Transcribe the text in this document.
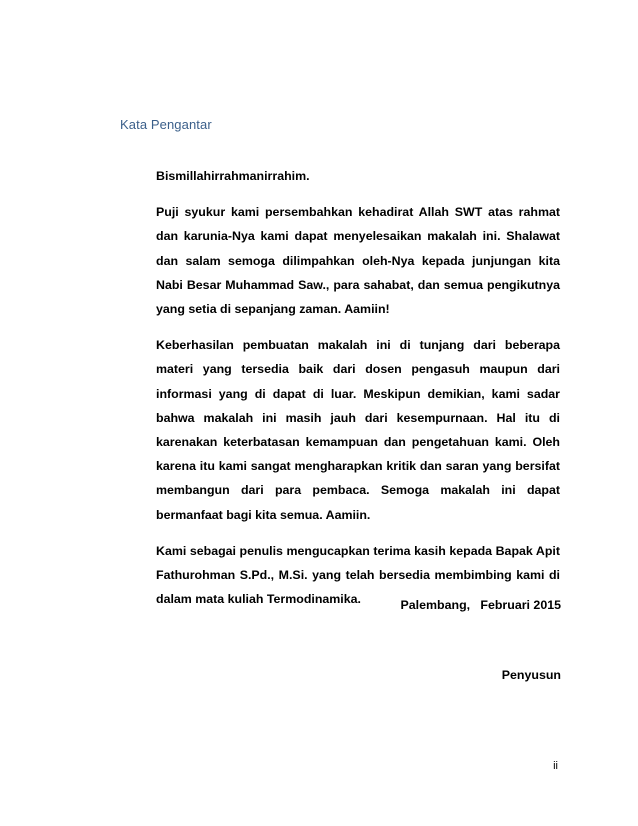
Kata Pengantar

Bismillahirrahmanirrahim.

Puji syukur kami persembahkan kehadirat Allah SWT atas rahmat dan karunia-Nya kami dapat menyelesaikan makalah ini. Shalawat dan salam semoga dilimpahkan oleh-Nya kepada junjungan kita Nabi Besar Muhammad Saw., para sahabat, dan semua pengikutnya yang setia di sepanjang zaman. Aamiin!

Keberhasilan pembuatan makalah ini di tunjang dari beberapa materi yang tersedia baik dari dosen pengasuh maupun dari informasi yang di dapat di luar. Meskipun demikian, kami sadar bahwa makalah ini masih jauh dari kesempurnaan. Hal itu di karenakan keterbatasan kemampuan dan pengetahuan kami. Oleh karena itu kami sangat mengharapkan kritik dan saran yang bersifat membangun dari para pembaca. Semoga makalah ini dapat bermanfaat bagi kita semua. Aamiin.

Kami sebagai penulis mengucapkan terima kasih kepada Bapak Apit Fathurohman S.Pd., M.Si. yang telah bersedia membimbing kami di dalam mata kuliah Termodinamika.	Palembang,   Februari 2015
Penyusun
ii
